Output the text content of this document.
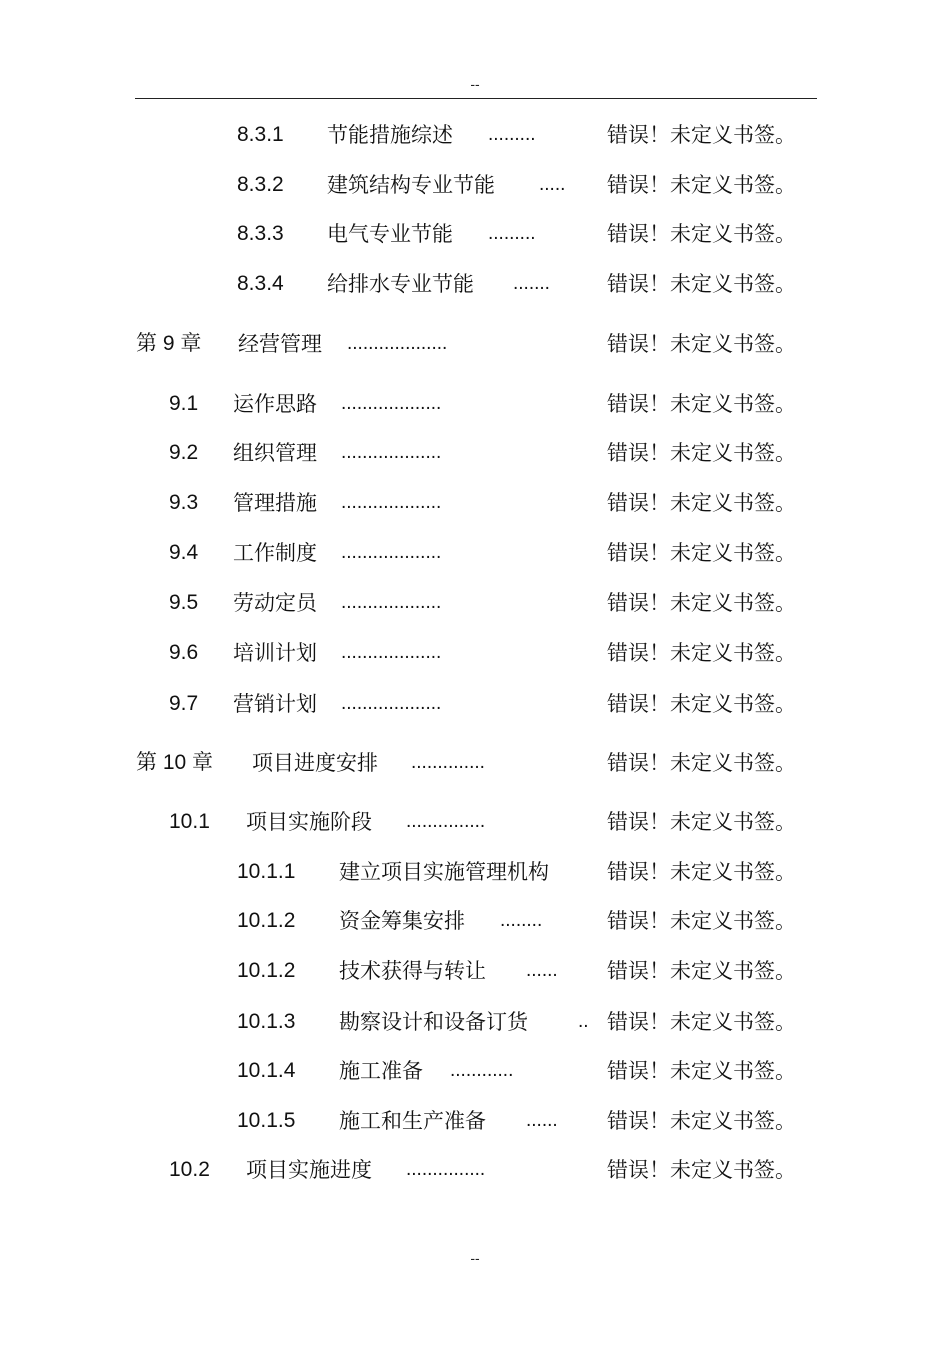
--
8.3.1 节能措施综述 .........	错误！未定义书签。
8.3.2 建筑结构专业节能 ..... 错误！未定义书签。
8.3.3 电气专业节能 .........	错误！未定义书签。
8.3.4 给排水专业节能 .......	错误！未定义书签。
第 9 章 经营管理 ...................	错误！未定义书签。
9.1 运作思路 ...................	错误！未定义书签。
9.2 组织管理 ...................	错误！未定义书签。
9.3 管理措施 ...................	错误！未定义书签。
9.4 工作制度 ...................	错误！未定义书签。
9.5 劳动定员 ...................	错误！未定义书签。
9.6 培训计划 ...................	错误！未定义书签。
9.7 营销计划 ...................	错误！未定义书签。
第 10 章 项目进度安排 ..............	错误！未定义书签。
10.1 项目实施阶段 ...............	错误！未定义书签。
10.1.1 建立项目实施管理机构	错误！未定义书签。
10.1.2 资金筹集安排 ........	错误！未定义书签。
10.1.2 技术获得与转让 ...... 错误！未定义书签。
10.1.3 勘察设计和设备订货	.. 错误！未定义书签。
10.1.4 施工准备 ............	错误！未定义书签。
10.1.5 施工和生产准备 ...... 错误！未定义书签。
10.2 项目实施进度 ...............	错误！未定义书签。
--
